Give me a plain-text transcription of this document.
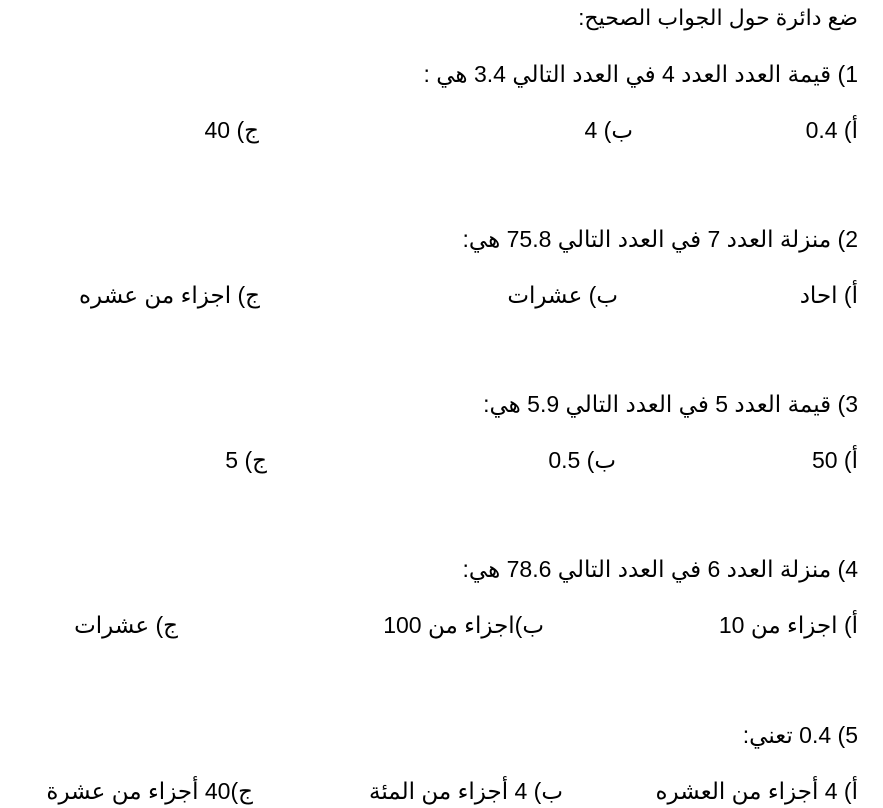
ضع دائرة حول الجواب الصحيح:
1) قيمة العدد العدد 4 في العدد التالي 3.4 هي :
أ) 0.4
ب) 4
ج) 40
2) منزلة العدد 7 في العدد التالي 75.8 هي:
أ) احاد
ب) عشرات
ج) اجزاء من عشره
3) قيمة العدد 5 في العدد التالي 5.9 هي:
أ) 50
ب) 0.5
ج) 5
4) منزلة العدد 6 في العدد التالي 78.6 هي:
أ) اجزاء من 10
ب)اجزاء من 100
ج) عشرات
5) 0.4 تعني:
أ) 4 أجزاء من العشره
ب) 4 أجزاء من المئة
ج)40 أجزاء من عشرة
